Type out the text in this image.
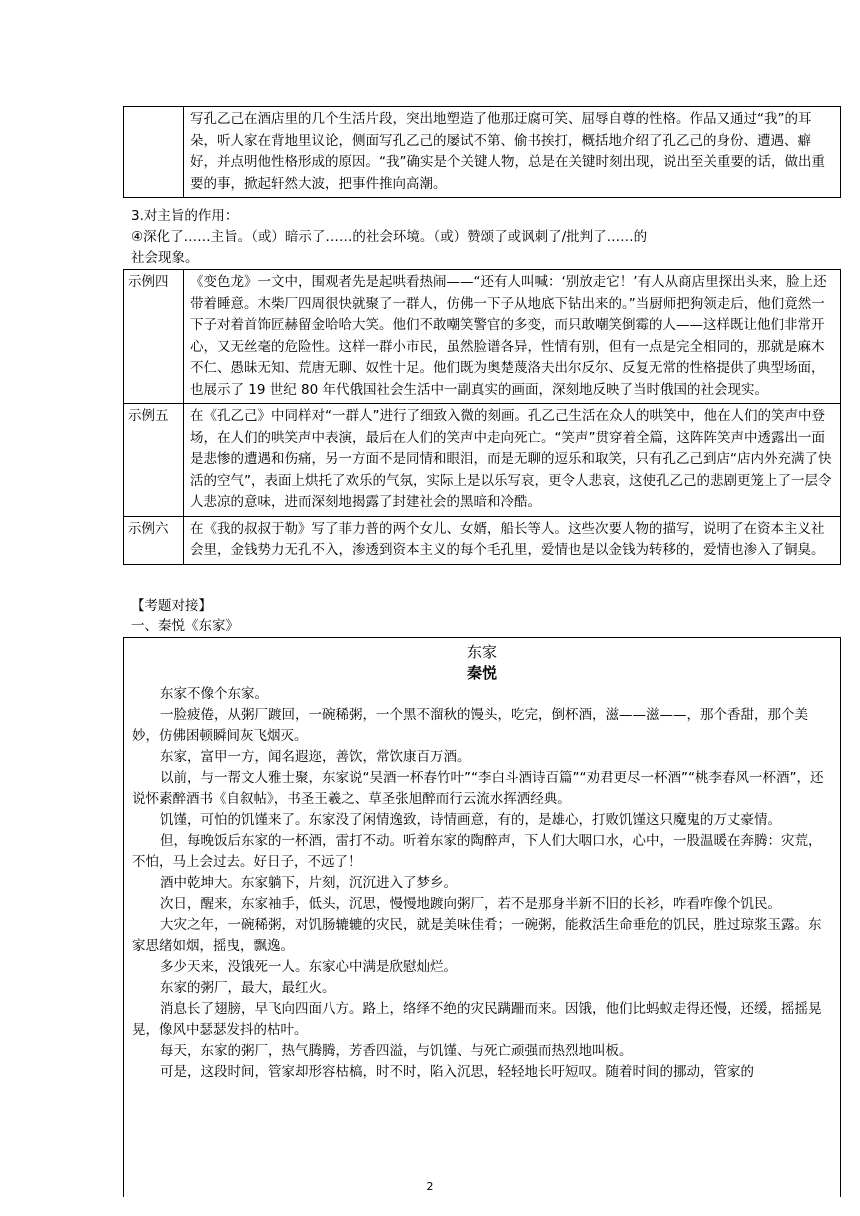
	写孔乙己在酒店里的几个生活片段，突出地塑造了他那迂腐可笑、屈辱自尊的性格。作品又通过“我”的耳朵，听人家在背地里议论，侧面写孔乙己的屡试不第、偷书挨打，概括地介绍了孔乙己的身份、遭遇、癖好，并点明他性格形成的原因。“我”确实是个关键人物，总是在关键时刻出现，说出至关重要的话，做出重要的事，掀起轩然大波，把事件推向高潮。
3.对主旨的作用：
④深化了……主旨。（或）暗示了……的社会环境。（或）赞颂了或讽刺了/批判了……的
社会现象。
示例四	《变色龙》一文中，围观者先是起哄看热闹——“还有人叫喊：‘别放走它！’有人从商店里探出头来，脸上还带着睡意。木柴厂四周很快就聚了一群人，仿佛一下子从地底下钻出来的。”当厨师把狗领走后，他们竟然一下子对着首饰匠赫留金哈哈大笑。他们不敢嘲笑警官的多变，而只敢嘲笑倒霉的人——这样既让他们非常开心，又无丝毫的危险性。这样一群小市民，虽然脸谱各异，性情有别，但有一点是完全相同的，那就是麻木不仁、愚昧无知、荒唐无聊、奴性十足。他们既为奥楚蔑洛夫出尔反尔、反复无常的性格提供了典型场面，也展示了 19 世纪 80 年代俄国社会生活中一副真实的画面，深刻地反映了当时俄国的社会现实。
示例五	在《孔乙己》中同样对“一群人”进行了细致入微的刻画。孔乙己生活在众人的哄笑中，他在人们的笑声中登场，在人们的哄笑声中表演，最后在人们的笑声中走向死亡。“笑声”贯穿着全篇，这阵阵笑声中透露出一面是悲惨的遭遇和伤痛，另一方面不是同情和眼泪，而是无聊的逗乐和取笑，只有孔乙己到店“店内外充满了快活的空气”，表面上烘托了欢乐的气氛，实际上是以乐写哀，更令人悲哀，这使孔乙己的悲剧更笼上了一层令人悲凉的意味，进而深刻地揭露了封建社会的黑暗和冷酷。
示例六	在《我的叔叔于勒》写了菲力普的两个女儿、女婿，船长等人。这些次要人物的描写，说明了在资本主义社会里，金钱势力无孔不入，渗透到资本主义的每个毛孔里，爱情也是以金钱为转移的，爱情也渗入了铜臭。
【考题对接】
一、秦悦《东家》
东家
秦悦

东家不像个东家。

一脸疲倦，从粥厂踱回，一碗稀粥，一个黑不溜秋的馒头，吃完，倒杯酒，滋——滋——，那个香甜，那个美妙，仿佛困顿瞬间灰飞烟灭。

东家，富甲一方，闻名遐迩，善饮，常饮康百万酒。

以前，与一帮文人雅士聚，东家说“吴酒一杯春竹叶”“李白斗酒诗百篇”“劝君更尽一杯酒”“桃李春风一杯酒”，还说怀素醉酒书《自叙帖》，书圣王羲之、草圣张旭醉而行云流水挥洒经典。

饥馑，可怕的饥馑来了。东家没了闲情逸致，诗情画意，有的，是雄心，打败饥馑这只魔鬼的万丈豪情。

但，每晚饭后东家的一杯酒，雷打不动。听着东家的陶醉声，下人们大咽口水，心中，一股温暖在奔腾：灾荒，不怕，马上会过去。好日子，不远了！

酒中乾坤大。东家躺下，片刻，沉沉进入了梦乡。

次日，醒来，东家袖手，低头，沉思，慢慢地踱向粥厂，若不是那身半新不旧的长衫，咋看咋像个饥民。

大灾之年，一碗稀粥，对饥肠辘辘的灾民，就是美味佳肴；一碗粥，能救活生命垂危的饥民，胜过琼浆玉露。东家思绪如烟，摇曳，飘逸。

多少天来，没饿死一人。东家心中满是欣慰灿烂。

东家的粥厂，最大，最红火。

消息长了翅膀，早飞向四面八方。路上，络绎不绝的灾民蹒跚而来。因饿，他们比蚂蚁走得还慢，还缓，摇摇晃晃，像风中瑟瑟发抖的枯叶。

每天，东家的粥厂，热气腾腾，芳香四溢，与饥馑、与死亡顽强而热烈地叫板。

可是，这段时间，管家却形容枯槁，时不时，陷入沉思，轻轻地长吁短叹。随着时间的挪动，管家的

2
